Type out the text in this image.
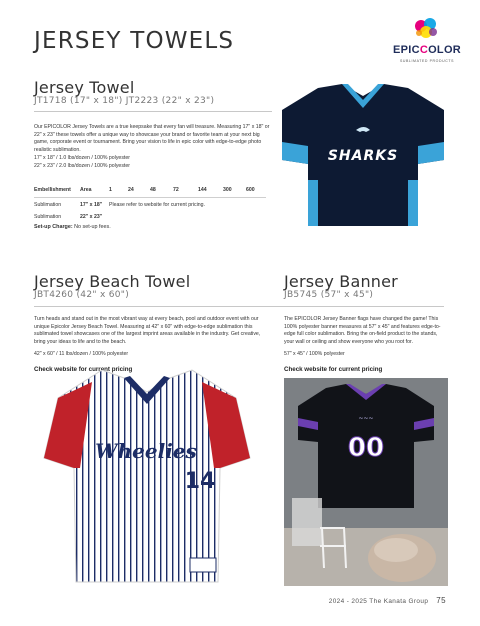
JERSEY TOWELS	EPICCOLOR
SUBLIMATED PRODUCTS
Jersey Towel
JT1718 (17" x 18") JT2223 (22" x 23")
Our EPICOLOR Jersey Towels are a true keepsake that every fan will treasure. Measuring 17" x 18" or 22" x 23" these towels offer a unique way to showcase your brand or favorite team at your next big game, corporate event or tournament. Bring your vision to life in epic color with edge-to-edge photo realistic sublimation.
17" x 18" / 1.0 lbs/dozen / 100% polyester
22" x 23" / 2.0 lbs/dozen / 100% polyester
Embellishment	Area	1	24	48	72	144	300	600

Sublimation	17" x 18"	Please refer to website for current pricing.						
Sublimation	22" x 23"							
Set-up Charge: No set-up fees.
SHARKS
Jersey Beach Towel
JBT4260 (42" x 60")
Turn heads and stand out in the most vibrant way at every beach, pool and outdoor event with our unique Epicolor Jersey Beach Towel. Measuring at 42" x 60" with edge-to-edge sublimation this sublimated towel showcases one of the largest imprint areas available in the industry. Get creative, bring your ideas to life and to the beach.
42" x 60" / 11 lbs/dozen / 100% polyester
Check website for current pricing
Wheelies
14
Jersey Banner
JB5745 (57" x 45")
The EPICOLOR Jersey Banner flags have changed the game! This 100% polyester banner measures at 57" x 45" and features edge-to-edge full color sublimation. Bring the on-field product to the stands, your wall or ceiling and show everyone who you root for.
57" x 45" / 100% polyester
Check website for current pricing
~~~
00
2024 - 2025 The Kanata Group 75
